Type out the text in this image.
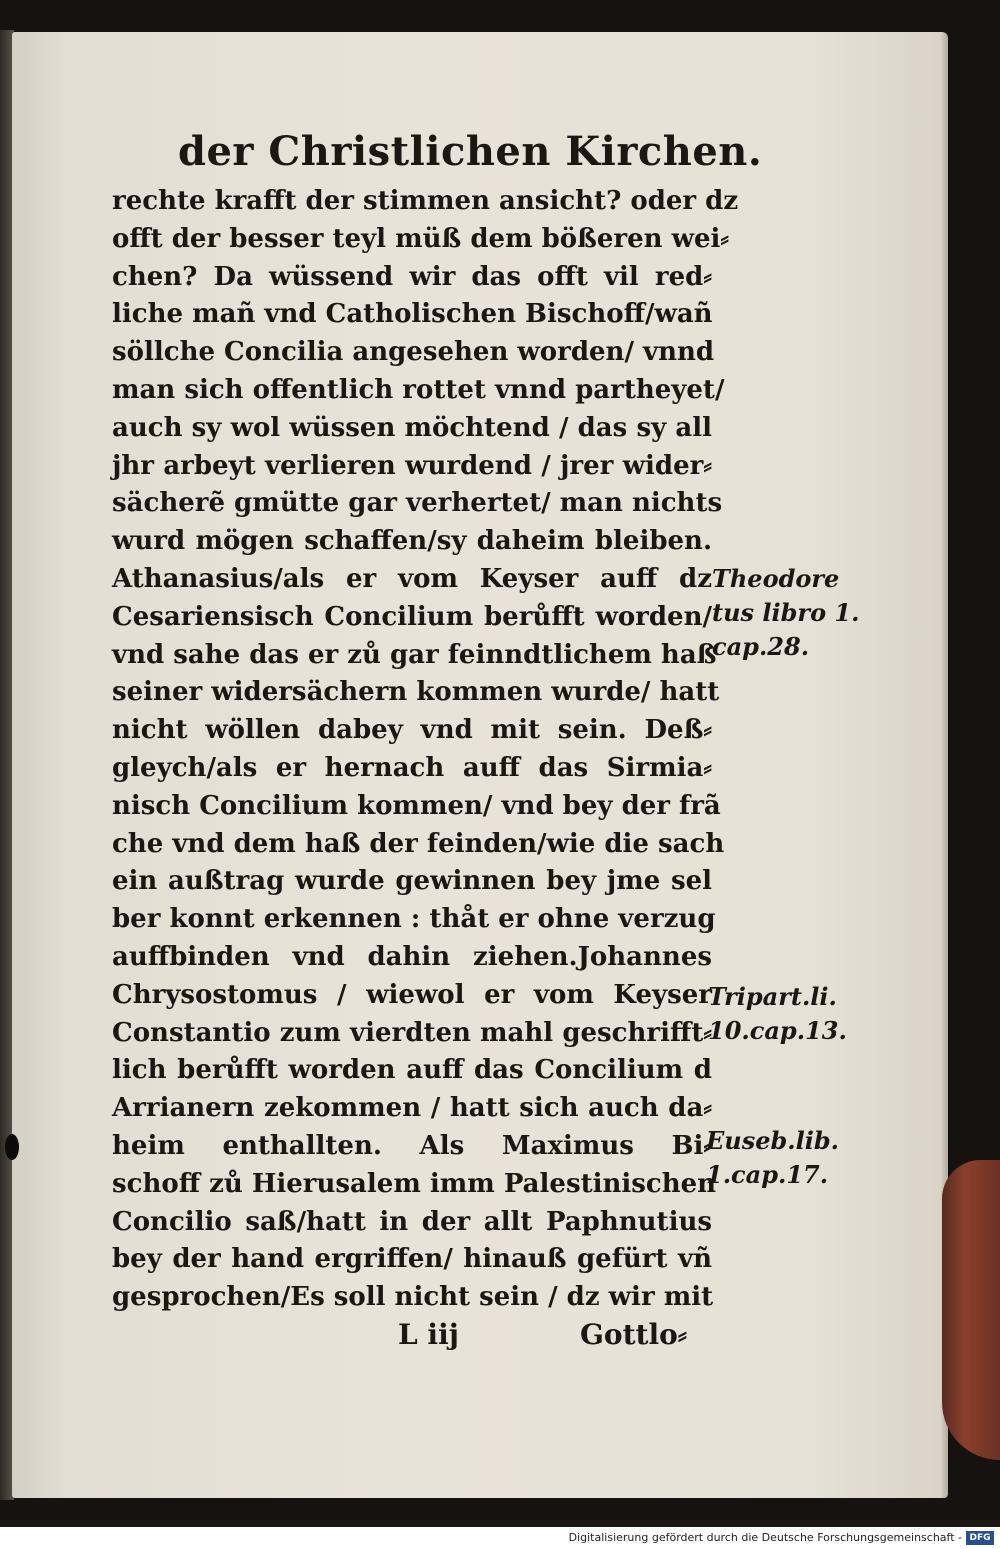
der Christlichen Kirchen.
rechte krafft der stimmen ansicht? oder dz
offt der besser teyl müß dem bößeren wei⸗
chen? Da wüssend wir das offt vil red⸗
liche mañ vnd Catholischen Bischoff/wañ
söllche Concilia angesehen worden/ vnnd
man sich offentlich rottet vnnd partheyet/
auch sy wol wüssen möchtend / das sy all
jhr arbeyt verlieren wurdend / jrer wider⸗
sächerẽ gmütte gar verhertet/ man nichts
wurd mögen schaffen/sy daheim bleiben.
Athanasius/als er vom Keyser auff dz
Cesariensisch Concilium berůfft worden/
vnd sahe das er zů gar feinndtlichem haß
seiner widersächern kommen wurde/ hatt
nicht wöllen dabey vnd mit sein. Deß⸗
gleych/als er hernach auff das Sirmia⸗
nisch Concilium kommen/ vnd bey der frã
che vnd dem haß der feinden/wie die sach
ein außtrag wurde gewinnen bey jme sel
ber konnt erkennen : thåt er ohne verzug
auffbinden vnd dahin ziehen.Johannes
Chrysostomus / wiewol er vom Keyser
Constantio zum vierdten mahl geschrifft⸗
lich berůfft worden auff das Concilium d
Arrianern zekommen / hatt sich auch da⸗
heim enthallten. Als Maximus Bi⸗
schoff zů Hierusalem imm Palestinischen
Concilio saß/hatt in der allt Paphnutius
bey der hand ergriffen/ hinauß gefürt vñ
gesprochen/Es soll nicht sein / dz wir mit
Theodore
tus libro 1.
cap.28.
Tripart.li.
10.cap.13.
Euseb.lib.
1.cap.17.
L iij	Gottlo⸗
Digitalisierung gefördert durch die Deutsche Forschungsgemeinschaft - DFG
